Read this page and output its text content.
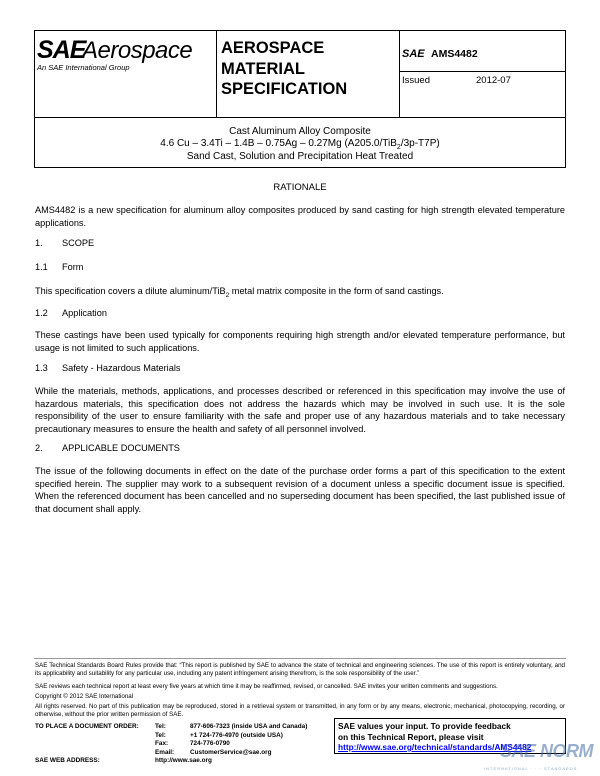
SAE
Aerospace
An SAE International Group
AEROSPACE
MATERIAL
SPECIFICATION
SAE AMS4482
Issued	2012-07
Cast Aluminum Alloy Composite
4.6 Cu – 3.4Ti – 1.4B – 0.75Ag – 0.27Mg (A205.0/TiB$_2$/3p-T7P)
Sand Cast, Solution and Precipitation Heat Treated
RATIONALE
AMS4482 is a new specification for aluminum alloy composites produced by sand casting for high strength elevated temperature applications.
1. SCOPE
1.1 Form
This specification covers a dilute aluminum/TiB$_2$ metal matrix composite in the form of sand castings.
1.2 Application
These castings have been used typically for components requiring high strength and/or elevated temperature performance, but usage is not limited to such applications.
1.3 Safety - Hazardous Materials
While the materials, methods, applications, and processes described or referenced in this specification may involve the use of hazardous materials, this specification does not address the hazards which may be involved in such use. It is the sole responsibility of the user to ensure familiarity with the safe and proper use of any hazardous materials and to take necessary precautionary measures to ensure the health and safety of all personnel involved.
2. APPLICABLE DOCUMENTS
The issue of the following documents in effect on the date of the purchase order forms a part of this specification to the extent specified herein. The supplier may work to a subsequent revision of a document unless a specific document issue is specified. When the referenced document has been cancelled and no superseding document has been specified, the last published issue of that document shall apply.
SAE Technical Standards Board Rules provide that: “This report is published by SAE to advance the state of technical and engineering sciences. The use of this report is entirely voluntary, and its applicability and suitability for any particular use, including any patent infringement arising therefrom, is the sole responsibility of the user.”
SAE reviews each technical report at least every five years at which time it may be reaffirmed, revised, or cancelled. SAE invites your written comments and suggestions.
Copyright © 2012 SAE International
All rights reserved. No part of this publication may be reproduced, stored in a retrieval system or transmitted, in any form or by any means, electronic, mechanical, photocopying, recording, or otherwise, without the prior written permission of SAE.
TO PLACE A DOCUMENT ORDER:	Tel:	877-606-7323 (inside USA and Canada)
Tel:	+1 724-776-4970 (outside USA)
Fax:	724-776-0790
Email: CustomerService@sae.org
SAE WEB ADDRESS:	http://www.sae.org
SAE values your input. To provide feedback
on this Technical Report, please visit
http://www.sae.org/technical/standards/AMS4482
SAE NORM
INTERNATIONAL · · · STANDARDS
